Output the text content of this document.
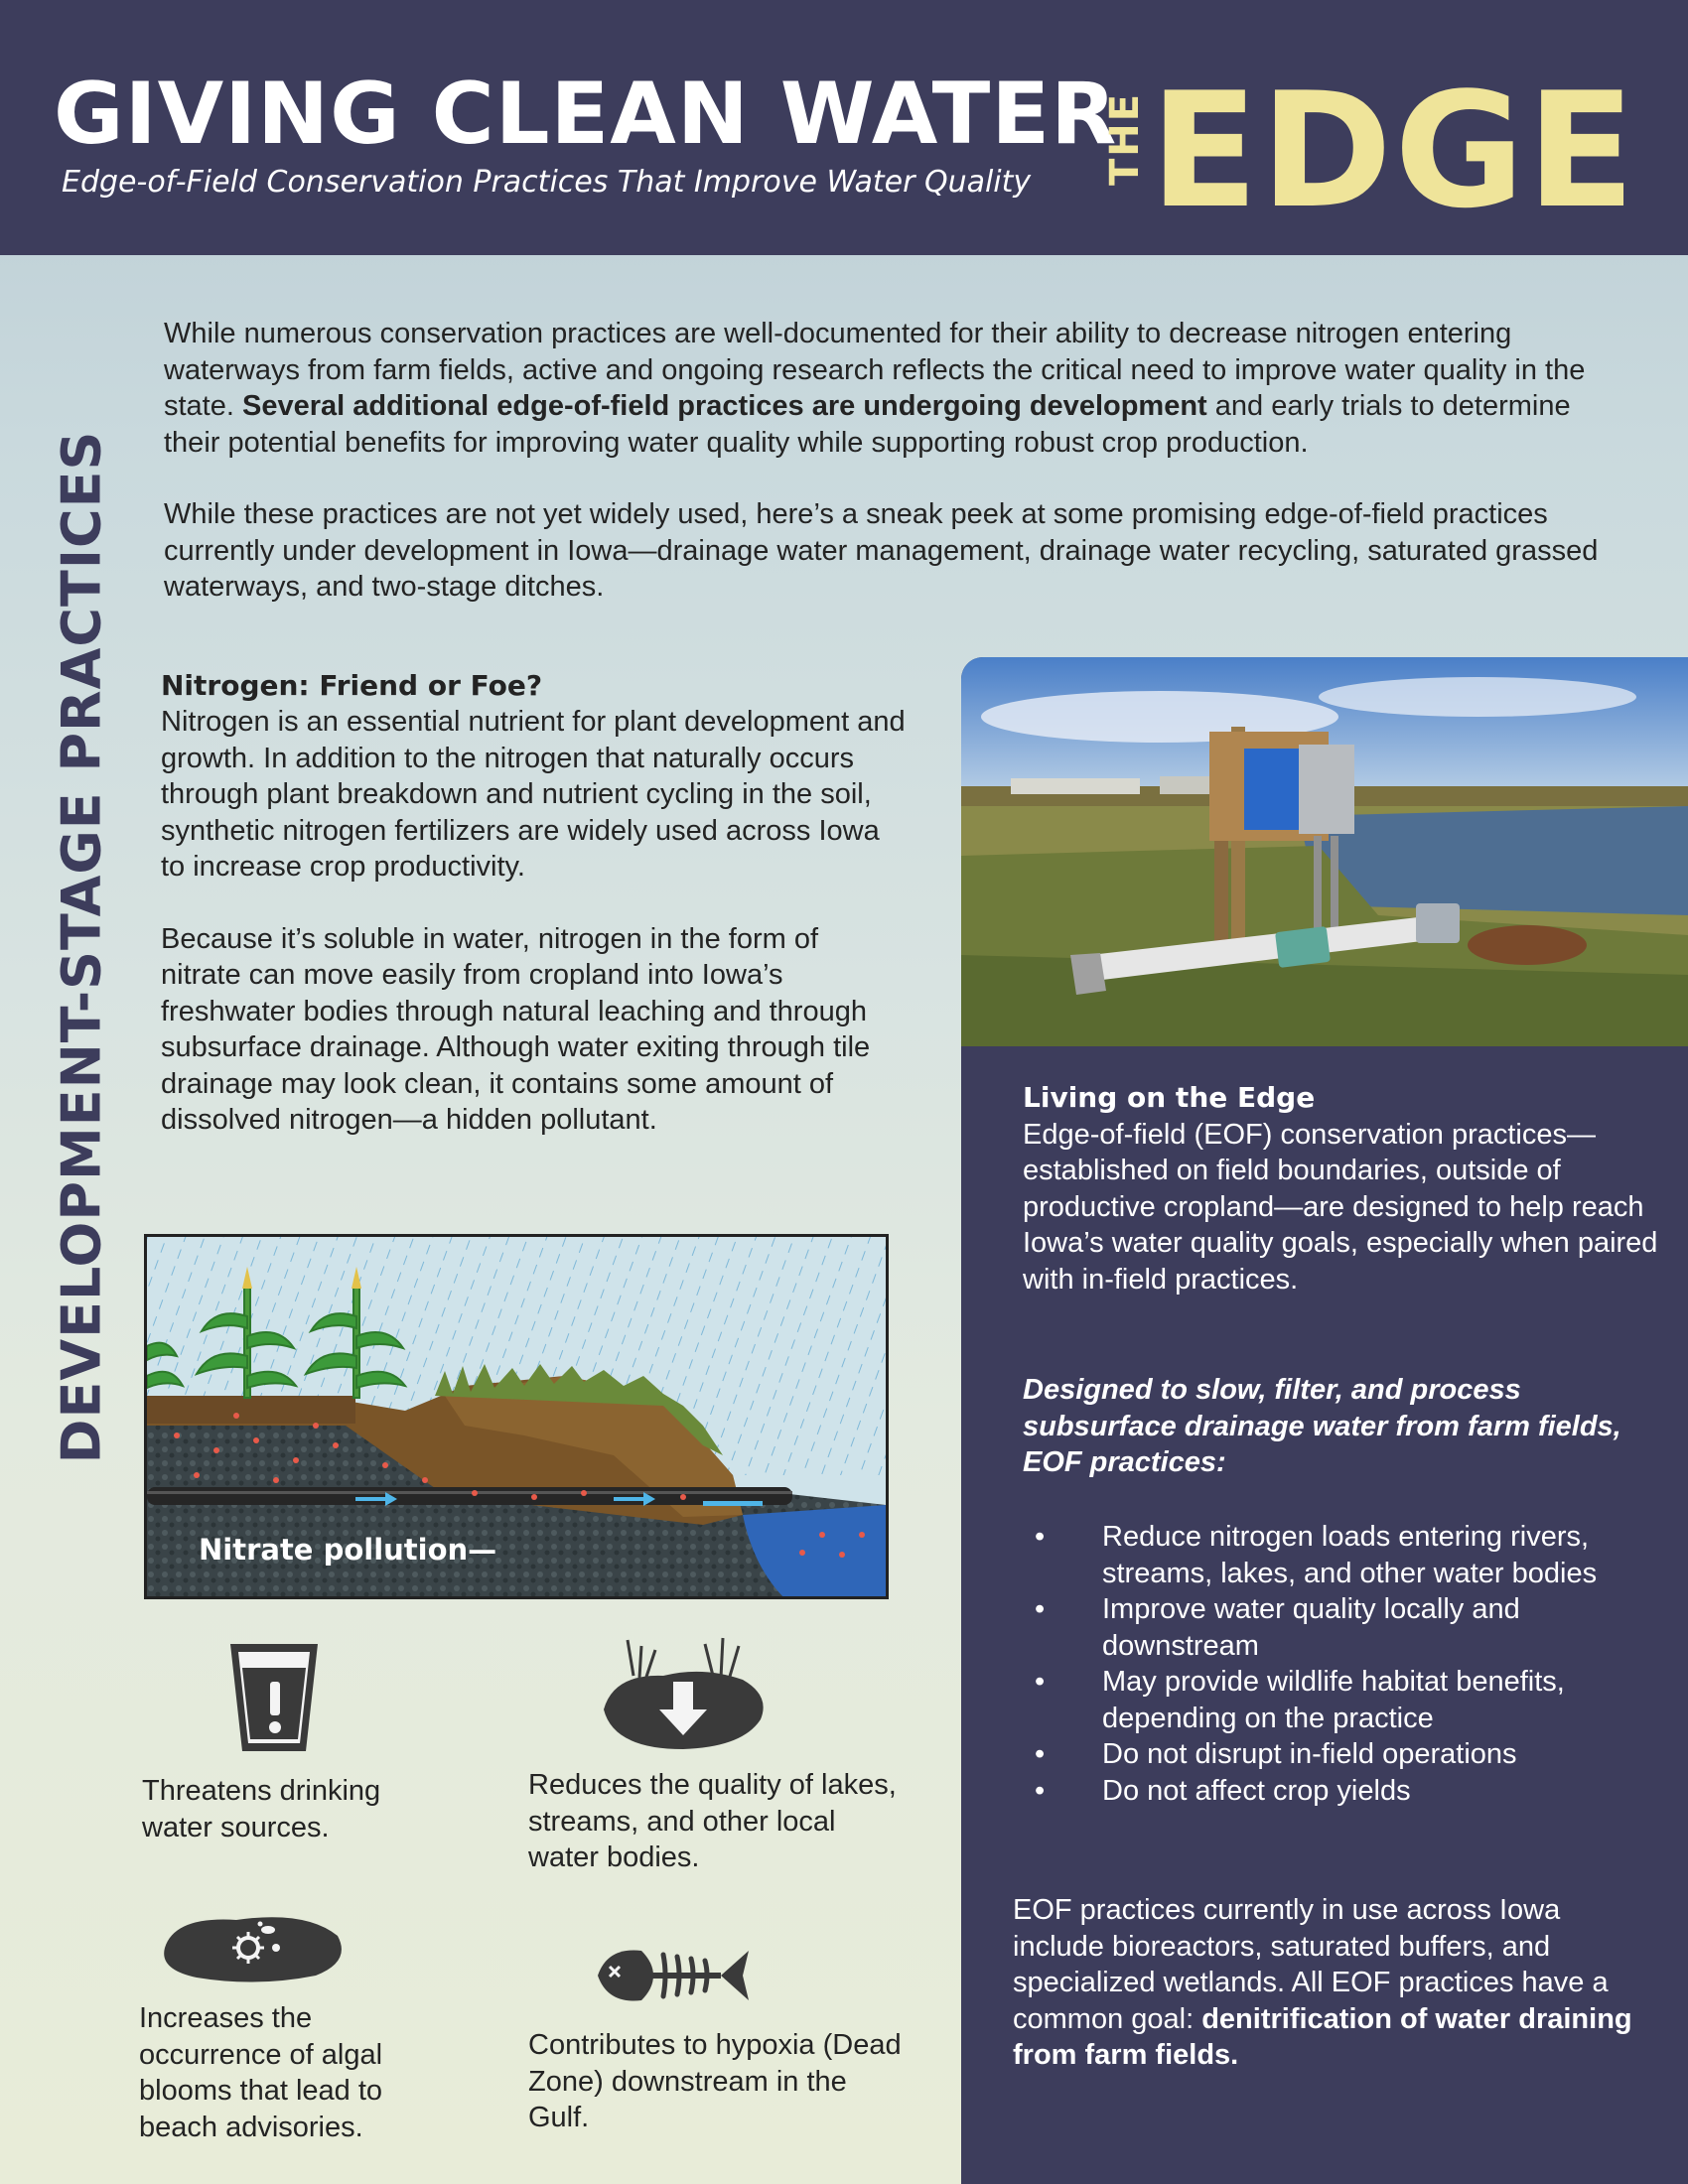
GIVING CLEAN WATER
Edge-of-Field Conservation Practices That Improve Water Quality THE EDGE
DEVELOPMENT-STAGE PRACTICES

While numerous conservation practices are well-documented for their ability to decrease nitrogen entering waterways from farm fields, active and ongoing research reflects the critical need to improve water quality in the state. Several additional edge-of-field practices are undergoing development and early trials to determine their potential benefits for improving water quality while supporting robust crop production.

While these practices are not yet widely used, here’s a sneak peek at some promising edge-of-field practices currently under development in Iowa—drainage water management, drainage water recycling, saturated grassed waterways, and two-stage ditches.

Nitrogen: Friend or Foe?

Nitrogen is an essential nutrient for plant development and growth. In addition to the nitrogen that naturally occurs through plant breakdown and nutrient cycling in the soil, synthetic nitrogen fertilizers are widely used across Iowa to increase crop productivity.

Because it’s soluble in water, nitrogen in the form of nitrate can move easily from cropland into Iowa’s freshwater bodies through natural leaching and through subsurface drainage. Although water exiting through tile drainage may look clean, it contains some amount of dissolved nitrogen—a hidden pollutant.

Nitrate pollution—
Threatens drinking water sources.
Reduces the quality of lakes, streams, and other local water bodies.
Increases the occurrence of algal blooms that lead to beach advisories.
Contributes to hypoxia (Dead Zone) downstream in the Gulf.
Living on the Edge

Edge-of-field (EOF) conservation practices—established on field boundaries, outside of productive cropland—are designed to help reach Iowa’s water quality goals, especially when paired with in-field practices.

Designed to slow, filter, and process subsurface drainage water from farm fields, EOF practices:

• Reduce nitrogen loads entering rivers, streams, lakes, and other water bodies
• Improve water quality locally and downstream
• May provide wildlife habitat benefits, depending on the practice
• Do not disrupt in-field operations
• Do not affect crop yields

EOF practices currently in use across Iowa include bioreactors, saturated buffers, and specialized wetlands. All EOF practices have a common goal: denitrification of water draining from farm fields.
